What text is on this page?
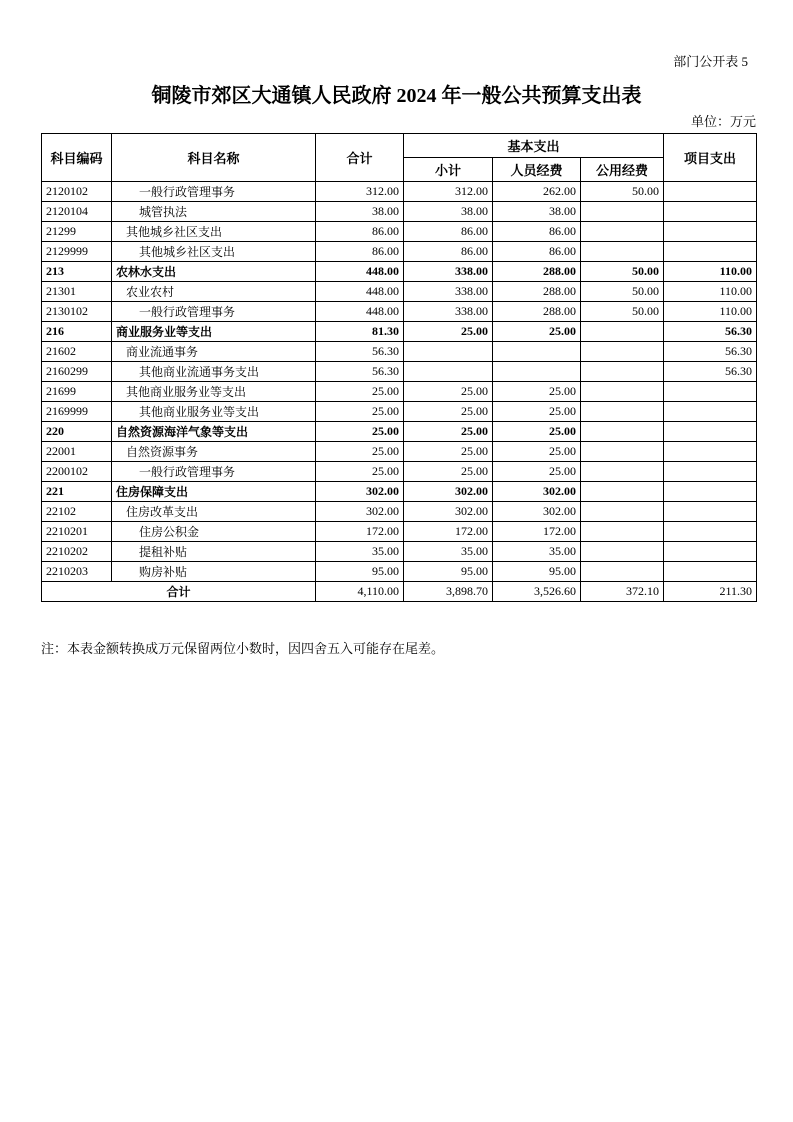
部门公开表 5
铜陵市郊区大通镇人民政府 2024 年一般公共预算支出表
单位：万元
科目编码	科目名称	合计	基本支出			项目支出
			小计	人员经费	公用经费	
2120102	一般行政管理事务	312.00	312.00	262.00	50.00	
2120104	城管执法	38.00	38.00	38.00		
21299	其他城乡社区支出	86.00	86.00	86.00		
2129999	其他城乡社区支出	86.00	86.00	86.00		
213	农林水支出	448.00	338.00	288.00	50.00	110.00
21301	农业农村	448.00	338.00	288.00	50.00	110.00
2130102	一般行政管理事务	448.00	338.00	288.00	50.00	110.00
216	商业服务业等支出	81.30	25.00	25.00		56.30
21602	商业流通事务	56.30				56.30
2160299	其他商业流通事务支出	56.30				56.30
21699	其他商业服务业等支出	25.00	25.00	25.00		
2169999	其他商业服务业等支出	25.00	25.00	25.00		
220	自然资源海洋气象等支出	25.00	25.00	25.00		
22001	自然资源事务	25.00	25.00	25.00		
2200102	一般行政管理事务	25.00	25.00	25.00		
221	住房保障支出	302.00	302.00	302.00		
22102	住房改革支出	302.00	302.00	302.00		
2210201	住房公积金	172.00	172.00	172.00		
2210202	提租补贴	35.00	35.00	35.00		
2210203	购房补贴	95.00	95.00	95.00		
合计		4,110.00	3,898.70	3,526.60	372.10	211.30
注：本表金额转换成万元保留两位小数时，因四舍五入可能存在尾差。
